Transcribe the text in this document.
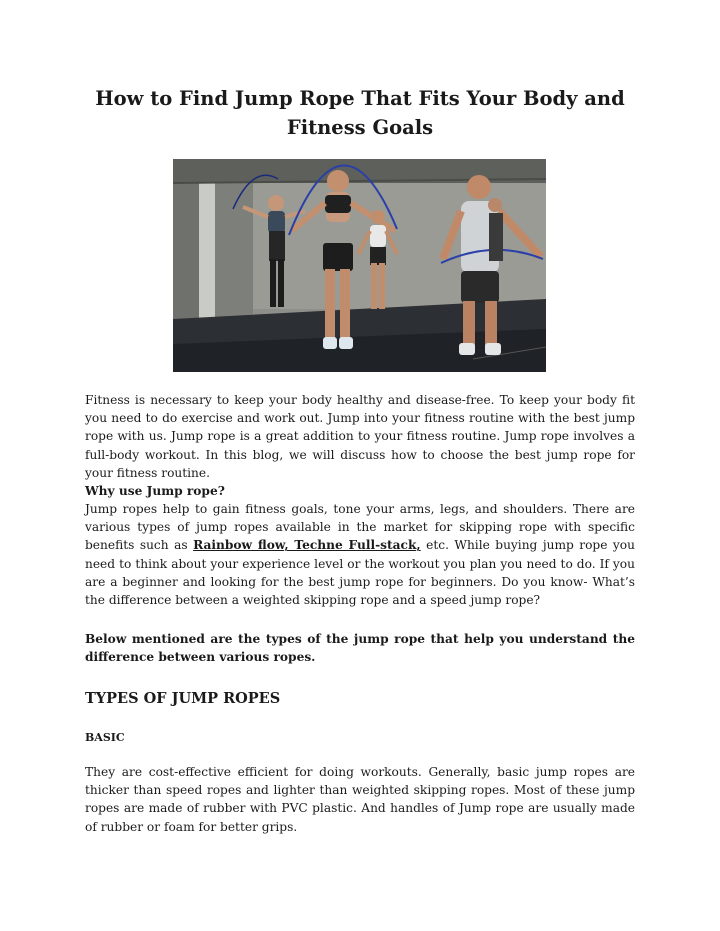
How to Find Jump Rope That Fits Your Body and Fitness Goals

Fitness is necessary to keep your body healthy and disease-free. To keep your body fit you need to do exercise and work out. Jump into your fitness routine with the best jump rope with us. Jump rope is a great addition to your fitness routine. Jump rope involves a full-body workout. In this blog, we will discuss how to choose the best jump rope for your fitness routine.

Why use Jump rope?

Jump ropes help to gain fitness goals, tone your arms, legs, and shoulders. There are various types of jump ropes available in the market for skipping rope with specific benefits such as Rainbow flow, Techne Full-stack, etc. While buying jump rope you need to think about your experience level or the workout you plan you need to do. If you are a beginner and looking for the best jump rope for beginners. Do you know- What’s the difference between a weighted skipping rope and a speed jump rope?

Below mentioned are the types of the jump rope that help you understand the difference between various ropes.

TYPES OF JUMP ROPES
BASIC

They are cost-effective efficient for doing workouts. Generally, basic jump ropes are thicker than speed ropes and lighter than weighted skipping ropes. Most of these jump ropes are made of rubber with PVC plastic. And handles of Jump rope are usually made of rubber or foam for better grips.
